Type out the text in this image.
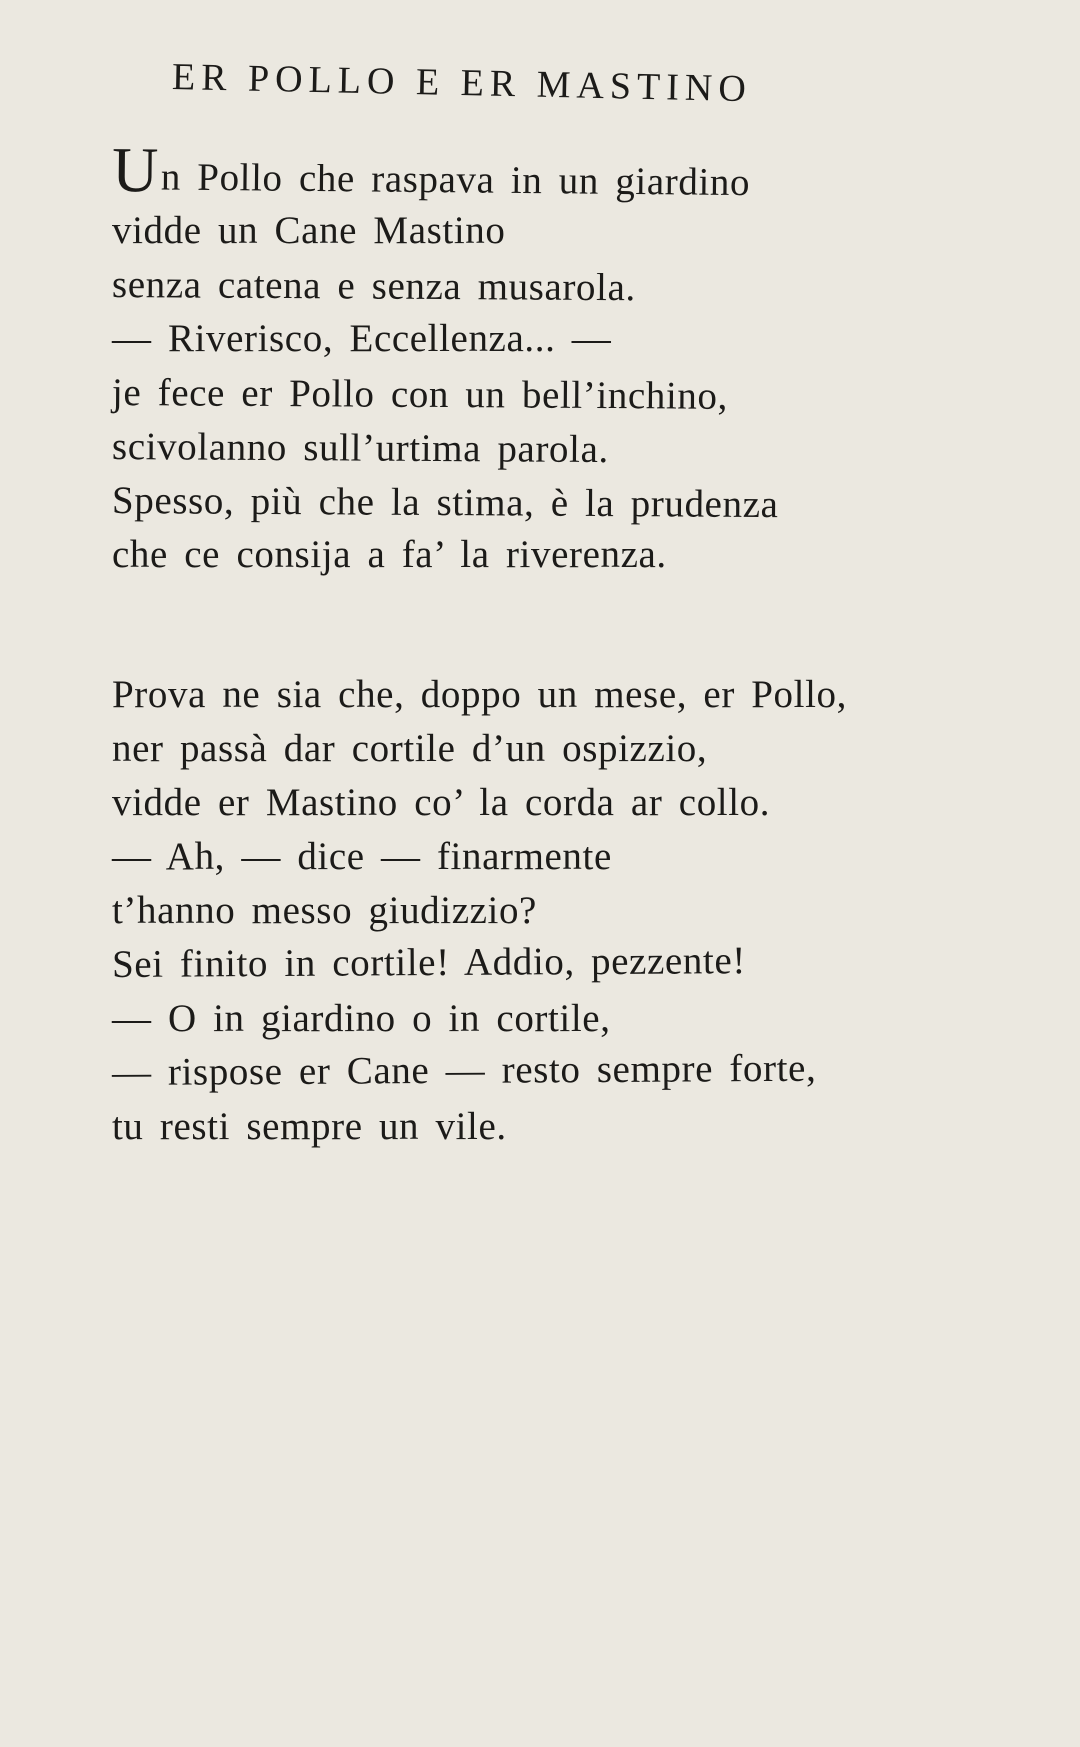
ER POLLO E ER MASTINO
Un Pollo che raspava in un giardino
vidde un Cane Mastino
senza catena e senza musarola.
— Riverisco, Eccellenza... —
je fece er Pollo con un bell’inchino,
scivolanno sull’urtima parola.
Spesso, più che la stima, è la prudenza
che ce consija a fa’ la riverenza.
Prova ne sia che, doppo un mese, er Pollo,
ner passà dar cortile d’un ospizzio,
vidde er Mastino co’ la corda ar collo.
— Ah, — dice — finarmente
t’hanno messo giudizzio?
Sei finito in cortile! Addio, pezzente!
— O in giardino o in cortile,
— rispose er Cane — resto sempre forte,
tu resti sempre un vile.
